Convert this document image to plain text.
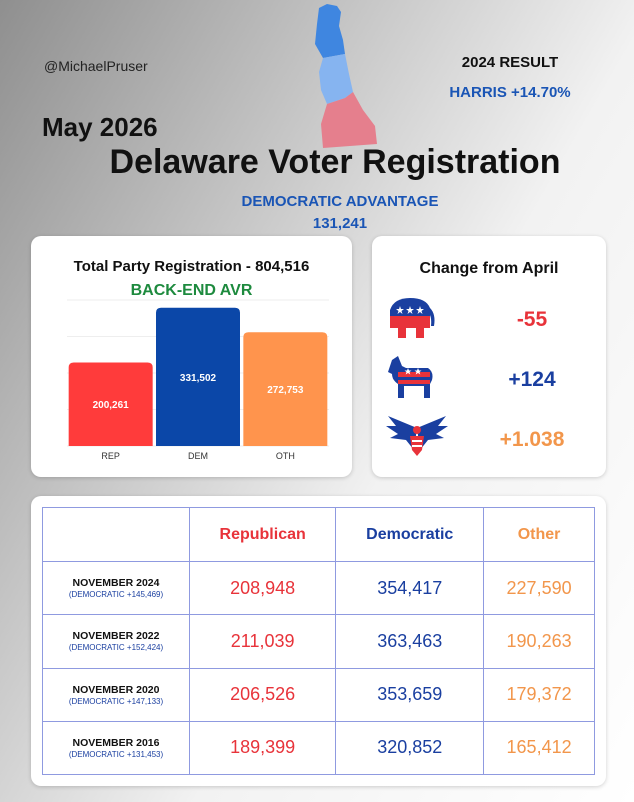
@MichaelPruser	2024 RESULT
HARRIS +14.70%
May 2026
Delaware Voter Registration
DEMOCRATIC ADVANTAGE
131,241
Total Party Registration - 804,516
BACK-END AVR
200,261
REP
331,502
DEM
272,753
OTH
Change from April
-55
+124
+1.038
	Republican	Democratic	Other

NOVEMBER 2024
(DEMOCRATIC +145,469)	208,948	354,417	227,590

NOVEMBER 2022
(DEMOCRATIC +152,424)	211,039	363,463	190,263

NOVEMBER 2020
(DEMOCRATIC +147,133)	206,526	353,659	179,372

NOVEMBER 2016
(DEMOCRATIC +131,453)	189,399	320,852	165,412
